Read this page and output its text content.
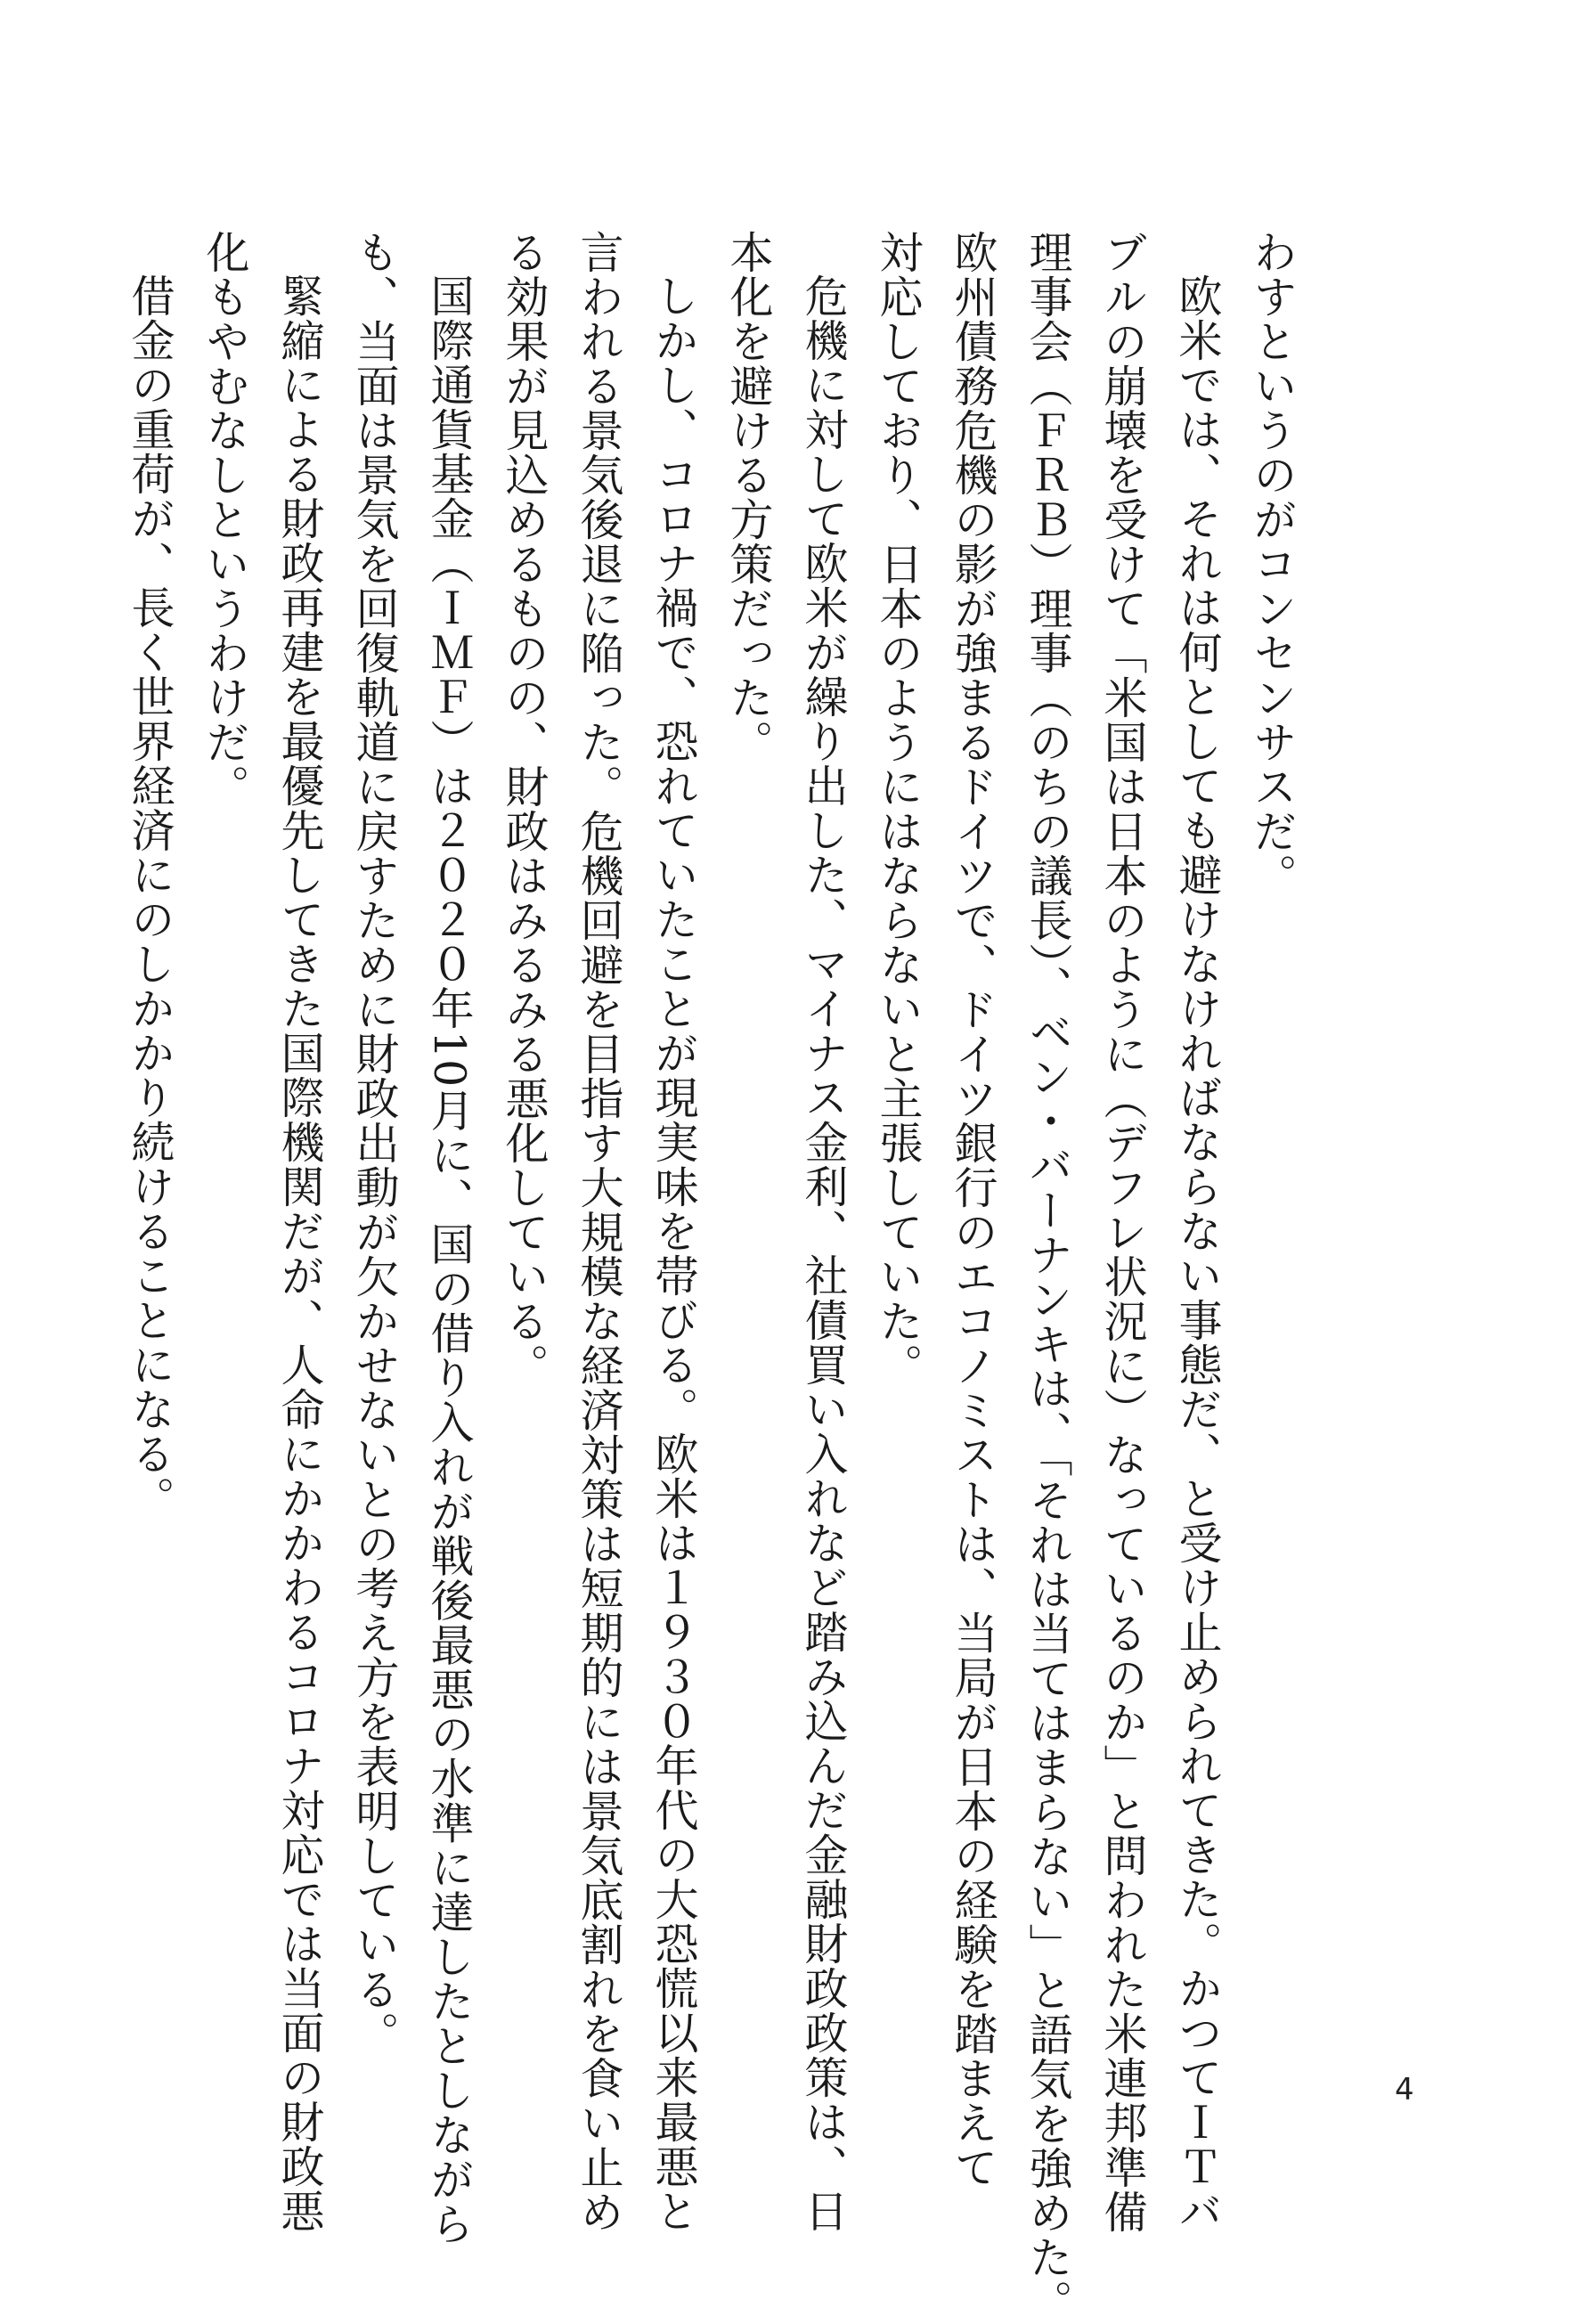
わすというのがコンセンサスだ。
欧米では、それは何としても避けなければならない事態だ、と受け止められてきた。かつてＩＴバ
ブルの崩壊を受けて「米国は日本のように（デフレ状況に）なっているのか」と問われた米連邦準備
理事会（ＦＲＢ）理事（のちの議長）、ベン・バーナンキは、「それは当てはまらない」と語気を強めた。
欧州債務危機の影が強まるドイツで、ドイツ銀行のエコノミストは、当局が日本の経験を踏まえて
対応しており、日本のようにはならないと主張していた。
危機に対して欧米が繰り出した、マイナス金利、社債買い入れなど踏み込んだ金融財政政策は、日
本化を避ける方策だった。
しかし、コロナ禍で、恐れていたことが現実味を帯びる。欧米は１９３０年代の大恐慌以来最悪と
言われる景気後退に陥った。危機回避を目指す大規模な経済対策は短期的には景気底割れを食い止め
る効果が見込めるものの、財政はみるみる悪化している。
国際通貨基金（ＩＭＦ）は２０２０年10月に、国の借り入れが戦後最悪の水準に達したとしながら
も、当面は景気を回復軌道に戻すために財政出動が欠かせないとの考え方を表明している。
緊縮による財政再建を最優先してきた国際機関だが、人命にかかわるコロナ対応では当面の財政悪
化もやむなしというわけだ。
借金の重荷が、長く世界経済にのしかかり続けることになる。
4
